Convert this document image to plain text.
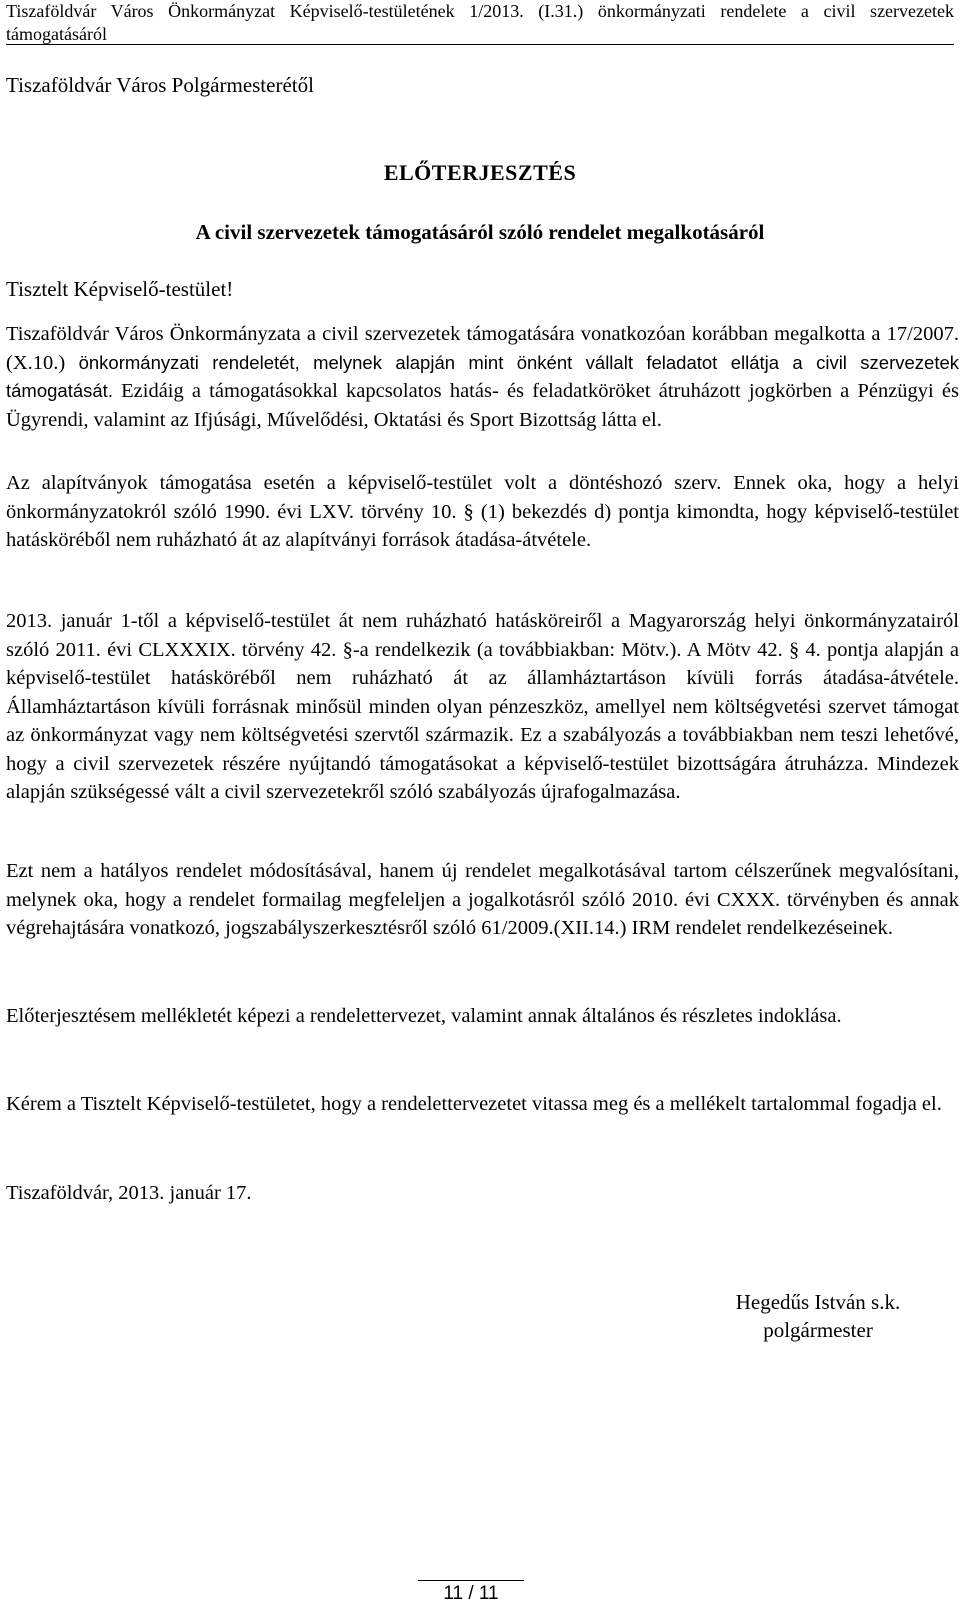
Tiszaföldvár Város Önkormányzat Képviselő-testületének 1/2013. (I.31.) önkormányzati rendelete a civil szervezetek támogatásáról
Tiszaföldvár Város Polgármesterétől
ELŐTERJESZTÉS
A civil szervezetek támogatásáról szóló rendelet megalkotásáról
Tisztelt Képviselő-testület!

Tiszaföldvár Város Önkormányzata a civil szervezetek támogatására vonatkozóan korábban megalkotta a 17/2007.(X.10.) önkormányzati rendeletét, melynek alapján mint önként vállalt feladatot ellátja a civil szervezetek támogatását. Ezidáig a támogatásokkal kapcsolatos hatás- és feladatköröket átruházott jogkörben a Pénzügyi és Ügyrendi, valamint az Ifjúsági, Művelődési, Oktatási és Sport Bizottság látta el.

Az alapítványok támogatása esetén a képviselő-testület volt a döntéshozó szerv. Ennek oka, hogy a helyi önkormányzatokról szóló 1990. évi LXV. törvény 10. § (1) bekezdés d) pontja kimondta, hogy képviselő-testület hatásköréből nem ruházható át az alapítványi források átadása-átvétele.

2013. január 1-től a képviselő-testület át nem ruházható hatásköreiről a Magyarország helyi önkormányzatairól szóló 2011. évi CLXXXIX. törvény 42. §-a rendelkezik (a továbbiakban: Mötv.). A Mötv 42. § 4. pontja alapján a képviselő-testület hatásköréből nem ruházható át az államháztartáson kívüli forrás átadása-átvétele. Államháztartáson kívüli forrásnak minősül minden olyan pénzeszköz, amellyel nem költségvetési szervet támogat az önkormányzat vagy nem költségvetési szervtől származik. Ez a szabályozás a továbbiakban nem teszi lehetővé, hogy a civil szervezetek részére nyújtandó támogatásokat a képviselő-testület bizottságára átruházza. Mindezek alapján szükségessé vált a civil szervezetekről szóló szabályozás újrafogalmazása.

Ezt nem a hatályos rendelet módosításával, hanem új rendelet megalkotásával tartom célszerűnek megvalósítani, melynek oka, hogy a rendelet formailag megfeleljen a jogalkotásról szóló 2010. évi CXXX. törvényben és annak végrehajtására vonatkozó, jogszabályszerkesztésről szóló 61/2009.(XII.14.) IRM rendelet rendelkezéseinek.

Előterjesztésem mellékletét képezi a rendelettervezet, valamint annak általános és részletes indoklása.

Kérem a Tisztelt Képviselő-testületet, hogy a rendelettervezetet vitassa meg és a mellékelt tartalommal fogadja el.

Tiszaföldvár, 2013. január 17.

Hegedűs István s.k.
polgármester
11 / 11
